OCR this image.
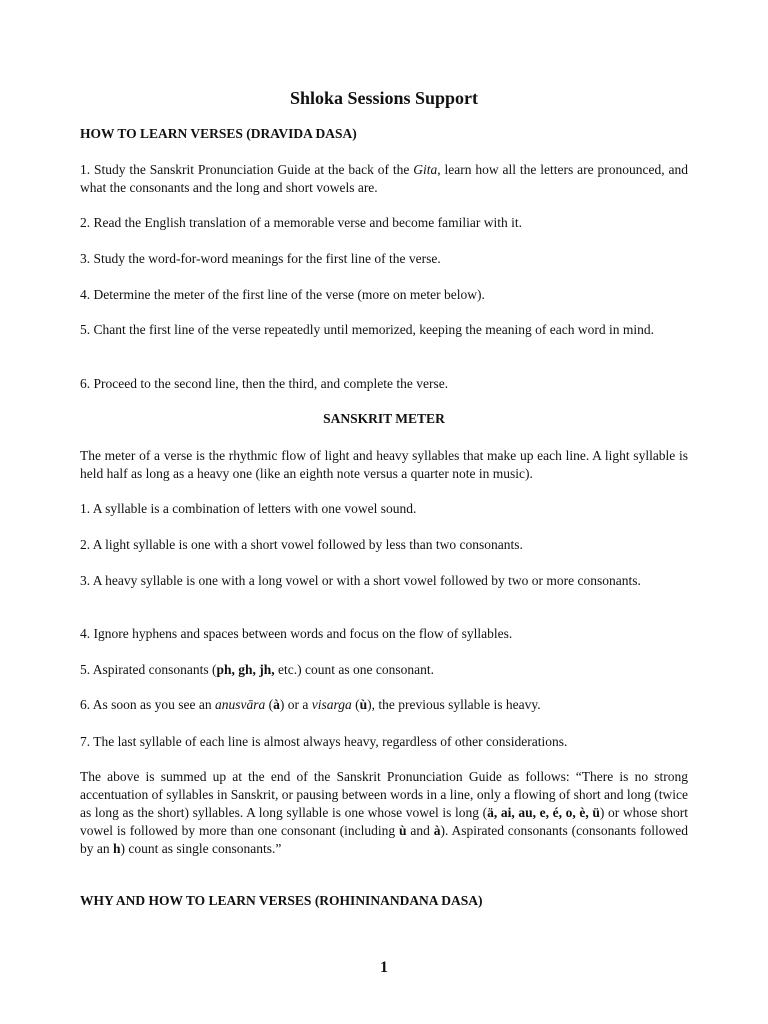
Shloka Sessions Support
HOW TO LEARN VERSES (DRAVIDA DASA)

1. Study the Sanskrit Pronunciation Guide at the back of the Gita, learn how all the letters are pronounced, and what the consonants and the long and short vowels are.

2. Read the English translation of a memorable verse and become familiar with it.

3. Study the word-for-word meanings for the first line of the verse.

4. Determine the meter of the first line of the verse (more on meter below).

5. Chant the first line of the verse repeatedly until memorized, keeping the meaning of each word in mind.

6. Proceed to the second line, then the third, and complete the verse.

SANSKRIT METER

The meter of a verse is the rhythmic flow of light and heavy syllables that make up each line. A light syllable is held half as long as a heavy one (like an eighth note versus a quarter note in music).

1. A syllable is a combination of letters with one vowel sound.

2. A light syllable is one with a short vowel followed by less than two consonants.

3. A heavy syllable is one with a long vowel or with a short vowel followed by two or more consonants.

4. Ignore hyphens and spaces between words and focus on the flow of syllables.

5. Aspirated consonants (ph, gh, jh, etc.) count as one consonant.

6. As soon as you see an anusvāra (à) or a visarga (ù), the previous syllable is heavy.

7. The last syllable of each line is almost always heavy, regardless of other considerations.

The above is summed up at the end of the Sanskrit Pronunciation Guide as follows: “There is no strong accentuation of syllables in Sanskrit, or pausing between words in a line, only a flowing of short and long (twice as long as the short) syllables. A long syllable is one whose vowel is long (ä, ai, au, e, é, o, è, ü) or whose short vowel is followed by more than one consonant (including ù and à). Aspirated consonants (consonants followed by an h) count as single consonants.”

WHY AND HOW TO LEARN VERSES (ROHININANDANA DASA)
1
